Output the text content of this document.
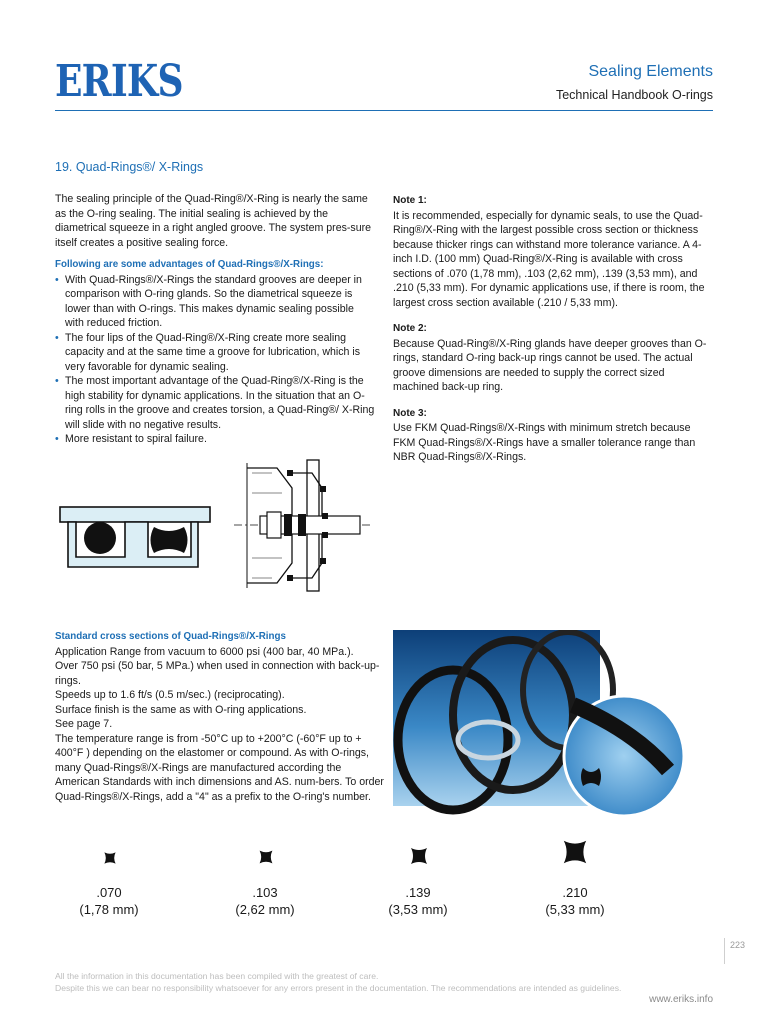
ERIKS	Sealing Elements
Technical Handbook O-rings
19. Quad-Rings®/ X-Rings

The sealing principle of the Quad-Ring®/X-Ring is nearly the same as the O-ring sealing. The initial sealing is achieved by the diametrical squeeze in a right angled groove. The system pres-sure itself creates a positive sealing force.

Following are some advantages of Quad-Rings®/X-Rings:

• With Quad-Rings®/X-Rings the standard grooves are deeper in comparison with O-ring glands. So the diametrical squeeze is lower than with O-rings. This makes dynamic sealing possible with reduced friction.
• The four lips of the Quad-Ring®/X-Ring create more sealing capacity and at the same time a groove for lubrication, which is very favorable for dynamic sealing.
• The most important advantage of the Quad-Ring®/X-Ring is the high stability for dynamic applications. In the situation that an O-ring rolls in the groove and creates torsion, a Quad-Ring®/ X-Ring will slide with no negative results.
• More resistant to spiral failure.

Note 1:

It is recommended, especially for dynamic seals, to use the Quad-Ring®/X-Ring with the largest possible cross section or thickness because thicker rings can withstand more tolerance variance. A 4-inch I.D. (100 mm) Quad-Ring®/X-Ring is available with cross sections of .070 (1,78 mm), .103 (2,62 mm), .139 (3,53 mm), and .210 (5,33 mm). For dynamic applications use, if there is room, the largest cross section available (.210 / 5,33 mm).

Note 2:

Because Quad-Ring®/X-Ring glands have deeper grooves than O-rings, standard O-ring back-up rings cannot be used. The actual groove dimensions are needed to supply the correct sized machined back-up ring.

Note 3:

Use FKM Quad-Rings®/X-Rings with minimum stretch because FKM Quad-Rings®/X-Rings have a smaller tolerance range than NBR Quad-Rings®/X-Rings.

Standard cross sections of Quad-Rings®/X-Rings

Application Range from vacuum to 6000 psi (400 bar, 40 MPa.).

Over 750 psi (50 bar, 5 MPa.) when used in connection with back-up-rings.

Speeds up to 1.6 ft/s (0.5 m/sec.) (reciprocating).

Surface finish is the same as with O-ring applications.

See page 7.

The temperature range is from -50°C up to +200°C (-60°F up to + 400°F ) depending on the elastomer or compound. As with O-rings, many Quad-Rings®/X-Rings are manufactured according the American Standards with inch dimensions and AS. num-bers. To order Quad-Rings®/X-Rings, add a "4" as a prefix to the O-ring's number.

.070
(1,78 mm)
.103
(2,62 mm)
.139
(3,53 mm)
.210
(5,33 mm)
223
All the information in this documentation has been compiled with the greatest of care.
Despite this we can bear no responsibility whatsoever for any errors present in the documentation. The recommendations are intended as guidelines.
www.eriks.info
